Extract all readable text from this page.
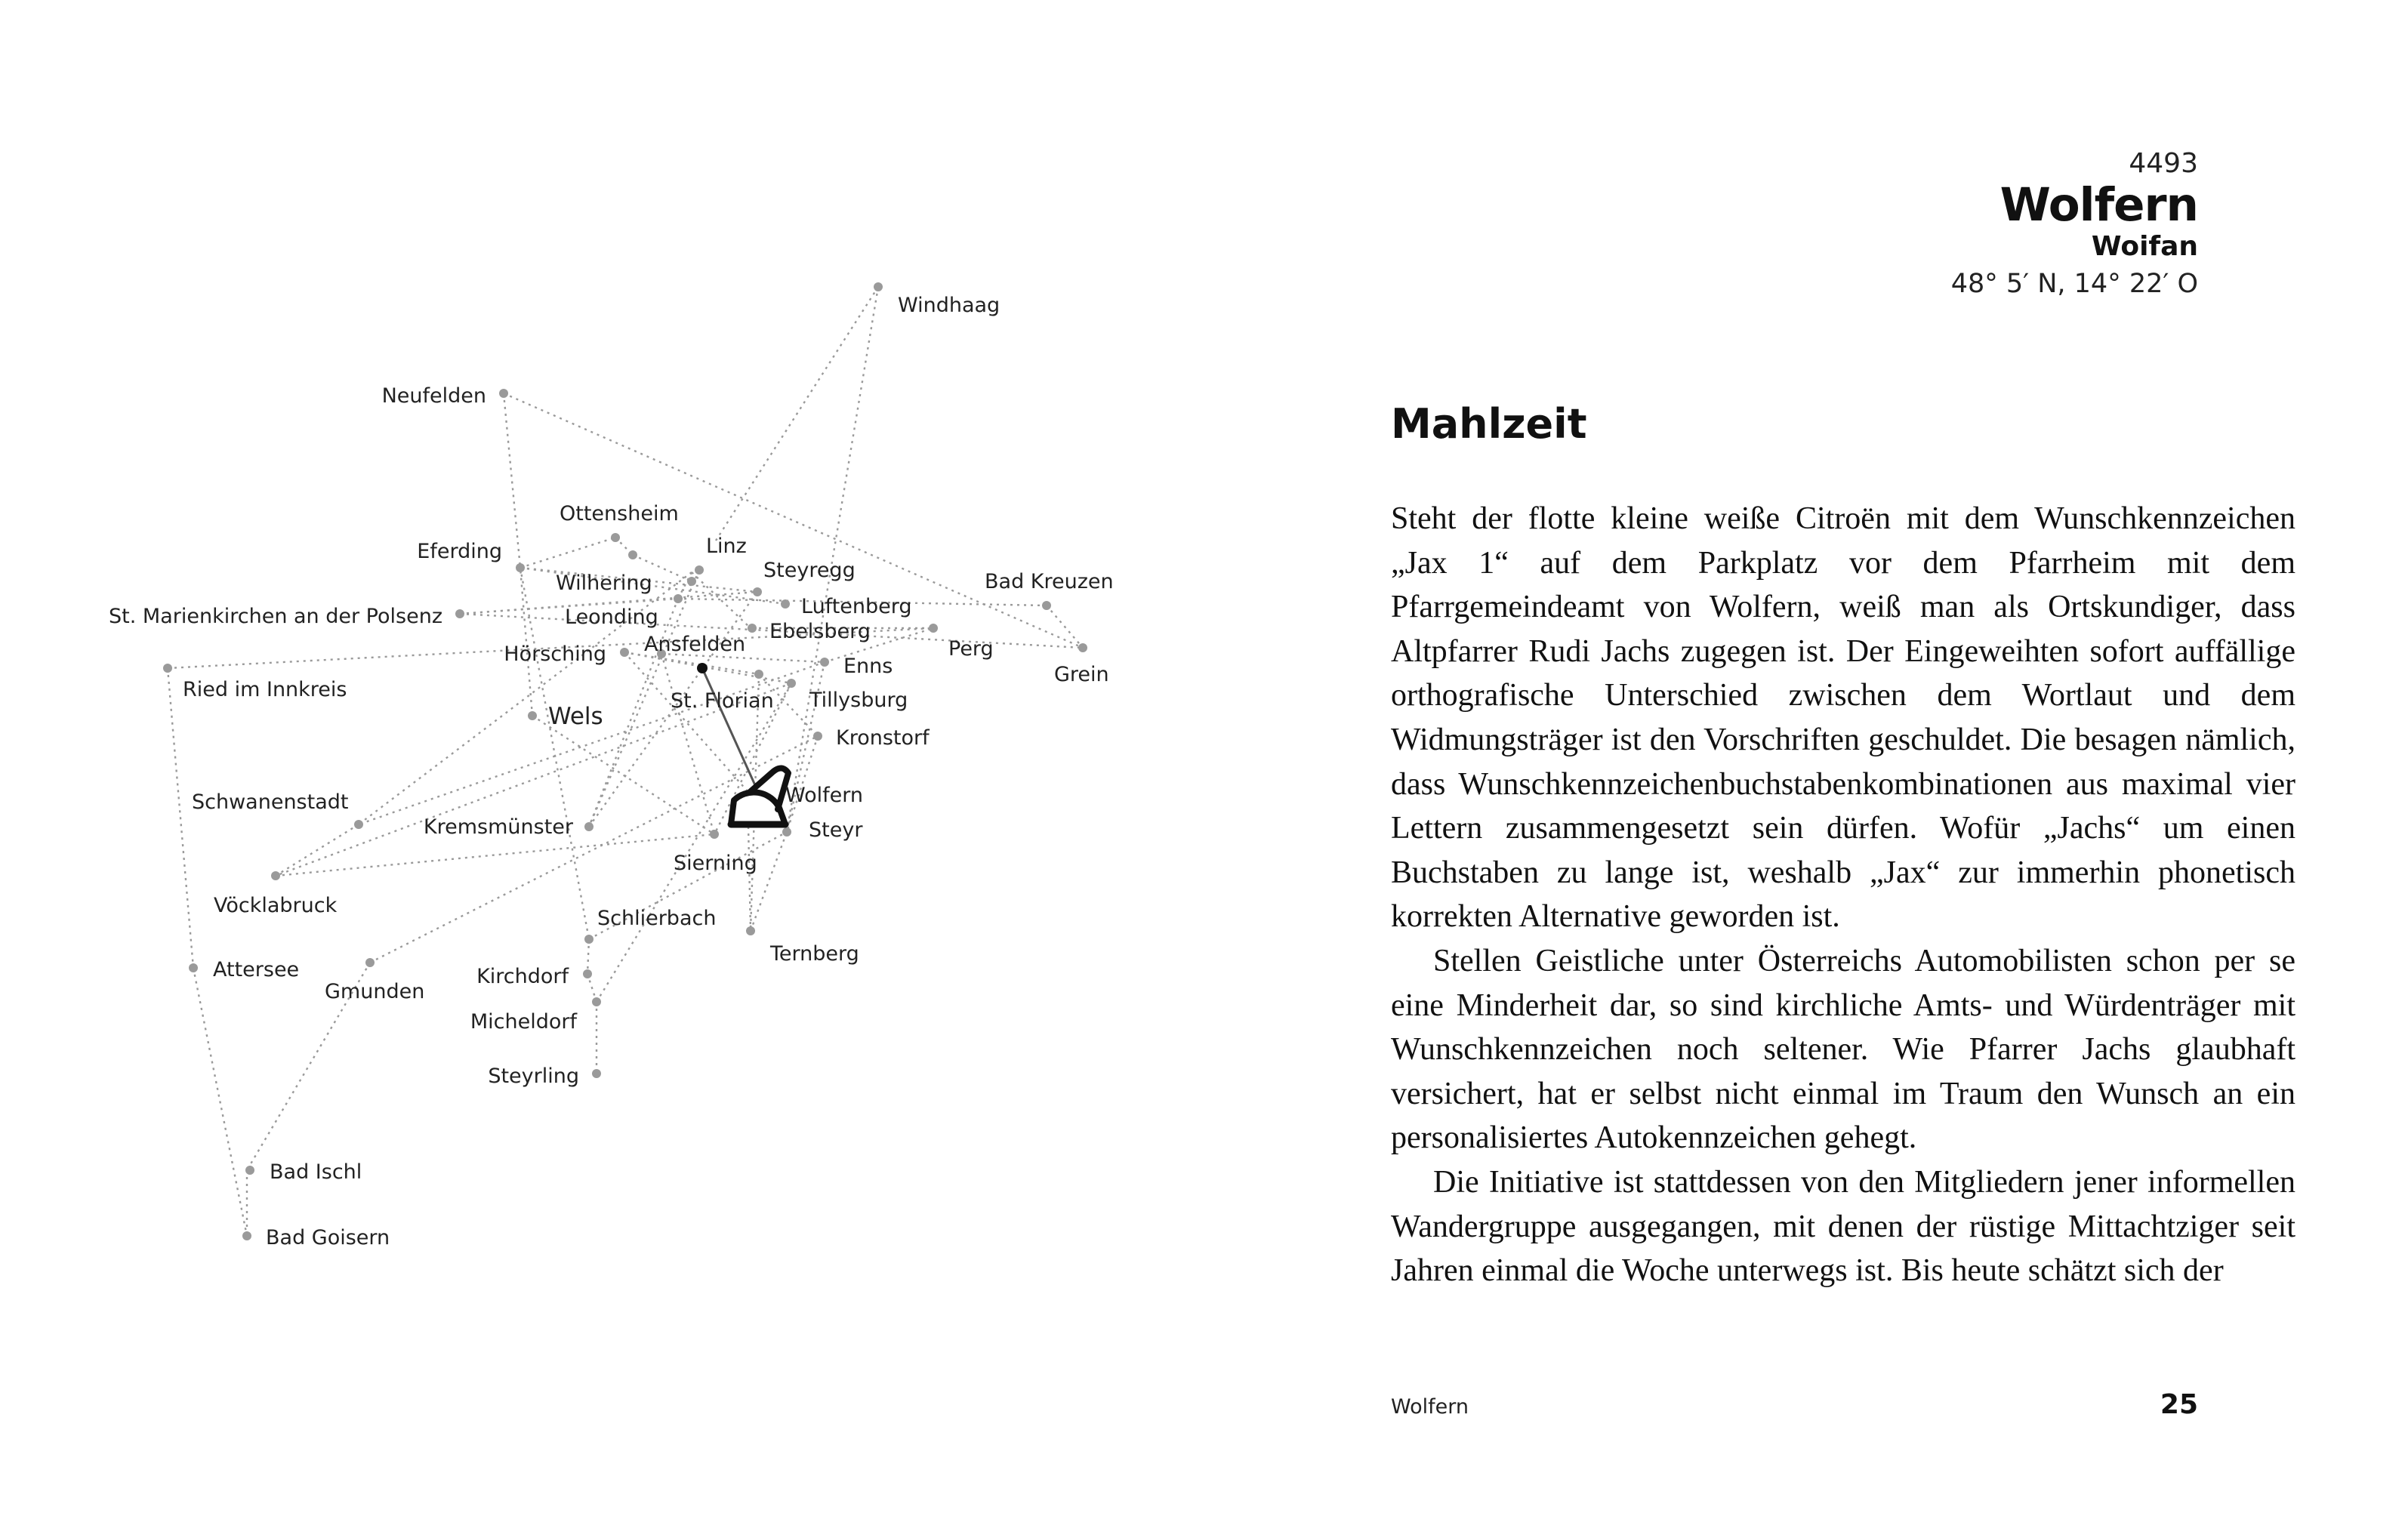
Windhaag
Neufelden
Ottensheim
Linz
Eferding
Steyregg
Wilhering
Luftenberg
Bad Kreuzen
St. Marienkirchen an der Polsenz	Leonding
Ebelsberg
Ansfelden
Hörsching	Perg
Grein
Enns
Ried im Innkreis	St. Florian Tillysburg
Wels
Kronstorf
Wolfern
Schwanenstadt
Kremsmünster	Steyr
Sierning
Vöcklabruck
Schlierbach
Ternberg
Attersee
Gmunden
Kirchdorf
Micheldorf
Steyrling
Bad Ischl
Bad Goisern
4493
Wolfern
Woifan
48° 5′ N, 14° 22′ O
Mahlzeit

Steht der flotte kleine weiße Citroën mit dem Wunschkennzeichen „Jax 1“ auf dem Parkplatz vor dem Pfarrheim mit dem Pfarrgemeindeamt von Wolfern, weiß man als Ortskundiger, dass Altpfarrer Rudi Jachs zugegen ist. Der Eingeweihten sofort auffällige orthografische Unterschied zwischen dem Wortlaut und dem Widmungsträger ist den Vorschriften geschuldet. Die besagen nämlich, dass Wunschkennzeichenbuchstabenkombinationen aus maximal vier Lettern zusammengesetzt sein dürfen. Wofür „Jachs“ um einen Buchstaben zu lange ist, weshalb „Jax“ zur immerhin phonetisch korrekten Alternative geworden ist.

Stellen Geistliche unter Österreichs Automobilisten schon per se eine Minderheit dar, so sind kirchliche Amts- und Würdenträger mit Wunschkennzeichen noch seltener. Wie Pfarrer Jachs glaubhaft versichert, hat er selbst nicht einmal im Traum den Wunsch an ein personalisiertes Autokennzeichen gehegt.

Die Initiative ist stattdessen von den Mitgliedern jener informellen Wandergruppe ausgegangen, mit denen der rüstige Mittachtziger seit Jahren einmal die Woche unterwegs ist. Bis heute schätzt sich der

Wolfern	25
